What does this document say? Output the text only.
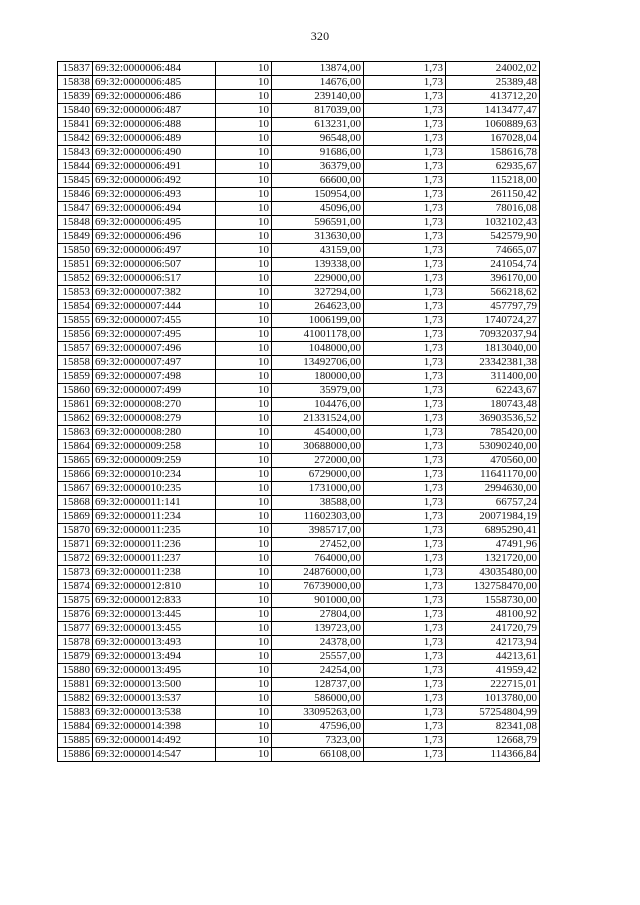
320
15837	69:32:0000006:484	10	13874,00	1,73	24002,02
15838	69:32:0000006:485	10	14676,00	1,73	25389,48
15839	69:32:0000006:486	10	239140,00	1,73	413712,20
15840	69:32:0000006:487	10	817039,00	1,73	1413477,47
15841	69:32:0000006:488	10	613231,00	1,73	1060889,63
15842	69:32:0000006:489	10	96548,00	1,73	167028,04
15843	69:32:0000006:490	10	91686,00	1,73	158616,78
15844	69:32:0000006:491	10	36379,00	1,73	62935,67
15845	69:32:0000006:492	10	66600,00	1,73	115218,00
15846	69:32:0000006:493	10	150954,00	1,73	261150,42
15847	69:32:0000006:494	10	45096,00	1,73	78016,08
15848	69:32:0000006:495	10	596591,00	1,73	1032102,43
15849	69:32:0000006:496	10	313630,00	1,73	542579,90
15850	69:32:0000006:497	10	43159,00	1,73	74665,07
15851	69:32:0000006:507	10	139338,00	1,73	241054,74
15852	69:32:0000006:517	10	229000,00	1,73	396170,00
15853	69:32:0000007:382	10	327294,00	1,73	566218,62
15854	69:32:0000007:444	10	264623,00	1,73	457797,79
15855	69:32:0000007:455	10	1006199,00	1,73	1740724,27
15856	69:32:0000007:495	10	41001178,00	1,73	70932037,94
15857	69:32:0000007:496	10	1048000,00	1,73	1813040,00
15858	69:32:0000007:497	10	13492706,00	1,73	23342381,38
15859	69:32:0000007:498	10	180000,00	1,73	311400,00
15860	69:32:0000007:499	10	35979,00	1,73	62243,67
15861	69:32:0000008:270	10	104476,00	1,73	180743,48
15862	69:32:0000008:279	10	21331524,00	1,73	36903536,52
15863	69:32:0000008:280	10	454000,00	1,73	785420,00
15864	69:32:0000009:258	10	30688000,00	1,73	53090240,00
15865	69:32:0000009:259	10	272000,00	1,73	470560,00
15866	69:32:0000010:234	10	6729000,00	1,73	11641170,00
15867	69:32:0000010:235	10	1731000,00	1,73	2994630,00
15868	69:32:0000011:141	10	38588,00	1,73	66757,24
15869	69:32:0000011:234	10	11602303,00	1,73	20071984,19
15870	69:32:0000011:235	10	3985717,00	1,73	6895290,41
15871	69:32:0000011:236	10	27452,00	1,73	47491,96
15872	69:32:0000011:237	10	764000,00	1,73	1321720,00
15873	69:32:0000011:238	10	24876000,00	1,73	43035480,00
15874	69:32:0000012:810	10	76739000,00	1,73	132758470,00
15875	69:32:0000012:833	10	901000,00	1,73	1558730,00
15876	69:32:0000013:445	10	27804,00	1,73	48100,92
15877	69:32:0000013:455	10	139723,00	1,73	241720,79
15878	69:32:0000013:493	10	24378,00	1,73	42173,94
15879	69:32:0000013:494	10	25557,00	1,73	44213,61
15880	69:32:0000013:495	10	24254,00	1,73	41959,42
15881	69:32:0000013:500	10	128737,00	1,73	222715,01
15882	69:32:0000013:537	10	586000,00	1,73	1013780,00
15883	69:32:0000013:538	10	33095263,00	1,73	57254804,99
15884	69:32:0000014:398	10	47596,00	1,73	82341,08
15885	69:32:0000014:492	10	7323,00	1,73	12668,79
15886	69:32:0000014:547	10	66108,00	1,73	114366,84
